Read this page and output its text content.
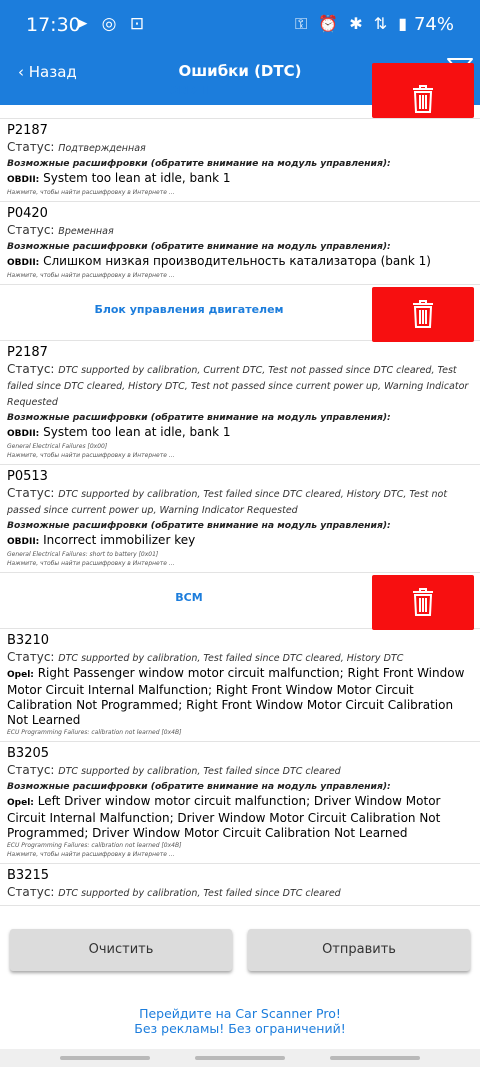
17:30
➤ ◎ ⊡	⚿ ⏰ ✱ ⇅ ▮ 74%
‹ Назад	Ошибки (DTC)
OBD-II
P2187
Статус: Подтвержденная
Возможные расшифровки (обратите внимание на модуль управления):
OBDII: System too lean at idle, bank 1
Нажмите, чтобы найти расшифровку в Интернете ...
P0420
Статус: Временная
Возможные расшифровки (обратите внимание на модуль управления):
OBDII: Слишком низкая производительность катализатора (bank 1)
Нажмите, чтобы найти расшифровку в Интернете ...
Блок управления двигателем
P2187
Статус: DTC supported by calibration, Current DTC, Test not passed since DTC cleared, Test failed since DTC cleared, History DTC, Test not passed since current power up, Warning Indicator Requested
Возможные расшифровки (обратите внимание на модуль управления):
OBDII: System too lean at idle, bank 1
General Electrical Failures [0x00]
Нажмите, чтобы найти расшифровку в Интернете ...
P0513
Статус: DTC supported by calibration, Test failed since DTC cleared, History DTC, Test not passed since current power up, Warning Indicator Requested
Возможные расшифровки (обратите внимание на модуль управления):
OBDII: Incorrect immobilizer key
General Electrical Failures: short to battery [0x01]
Нажмите, чтобы найти расшифровку в Интернете ...
BCM
B3210
Статус: DTC supported by calibration, Test failed since DTC cleared, History DTC
Opel: Right Passenger window motor circuit malfunction; Right Front Window Motor Circuit Internal Malfunction; Right Front Window Motor Circuit Calibration Not Programmed; Right Front Window Motor Circuit Calibration Not Learned
ECU Programming Failures: calibration not learned [0x4B]
B3205
Статус: DTC supported by calibration, Test failed since DTC cleared
Возможные расшифровки (обратите внимание на модуль управления):
Opel: Left Driver window motor circuit malfunction; Driver Window Motor Circuit Internal Malfunction; Driver Window Motor Circuit Calibration Not Programmed; Driver Window Motor Circuit Calibration Not Learned
ECU Programming Failures: calibration not learned [0x4B]
Нажмите, чтобы найти расшифровку в Интернете ...
B3215
Статус: DTC supported by calibration, Test failed since DTC cleared
Очистить	Отправить
Перейдите на Car Scanner Pro!
Без рекламы! Без ограничений!
